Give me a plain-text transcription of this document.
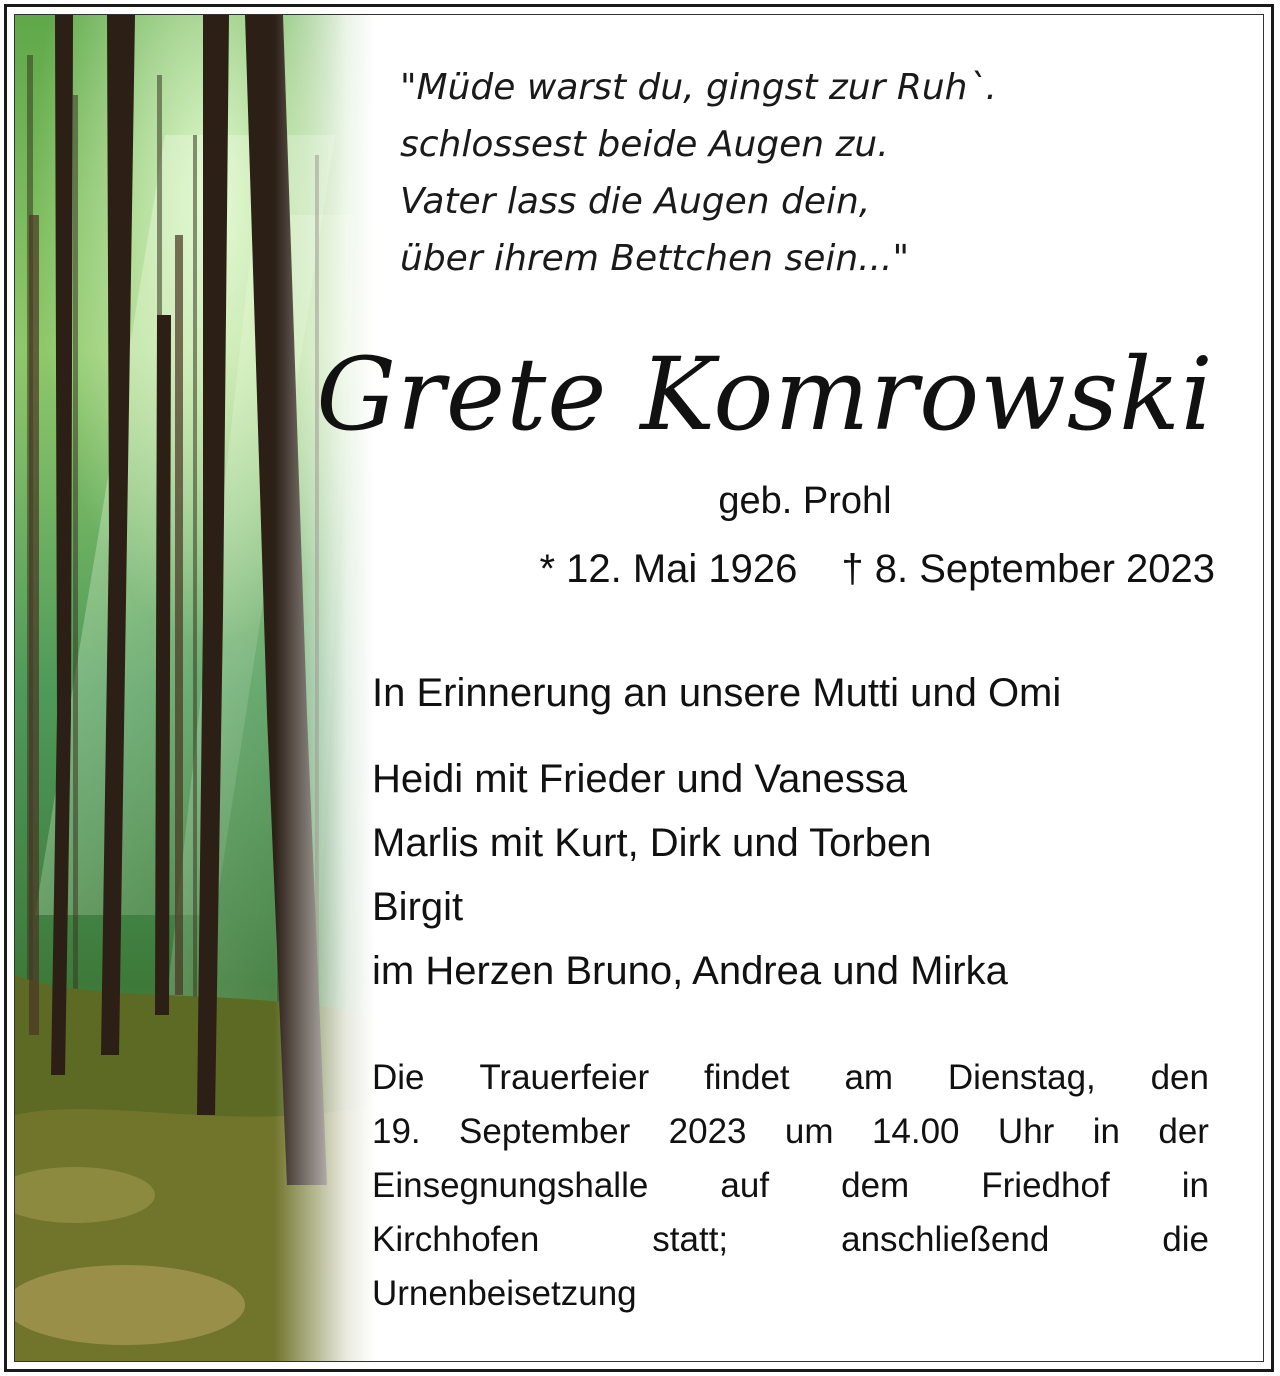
"Müde warst du, gingst zur Ruh`.
schlossest beide Augen zu.
Vater lass die Augen dein,
über ihrem Bettchen sein..."
Grete Komrowski
geb. Prohl
* 12. Mai 1926 † 8. September 2023
In Erinnerung an unsere Mutti und Omi
Heidi mit Frieder und Vanessa
Marlis mit Kurt, Dirk und Torben
Birgit
im Herzen Bruno, Andrea und Mirka
Die Trauerfeier findet am Dienstag, den
19. September 2023 um 14.00 Uhr in der
Einsegnungshalle auf dem Friedhof in
Kirchhofen	statt;	anschließend	die
Urnenbeisetzung
